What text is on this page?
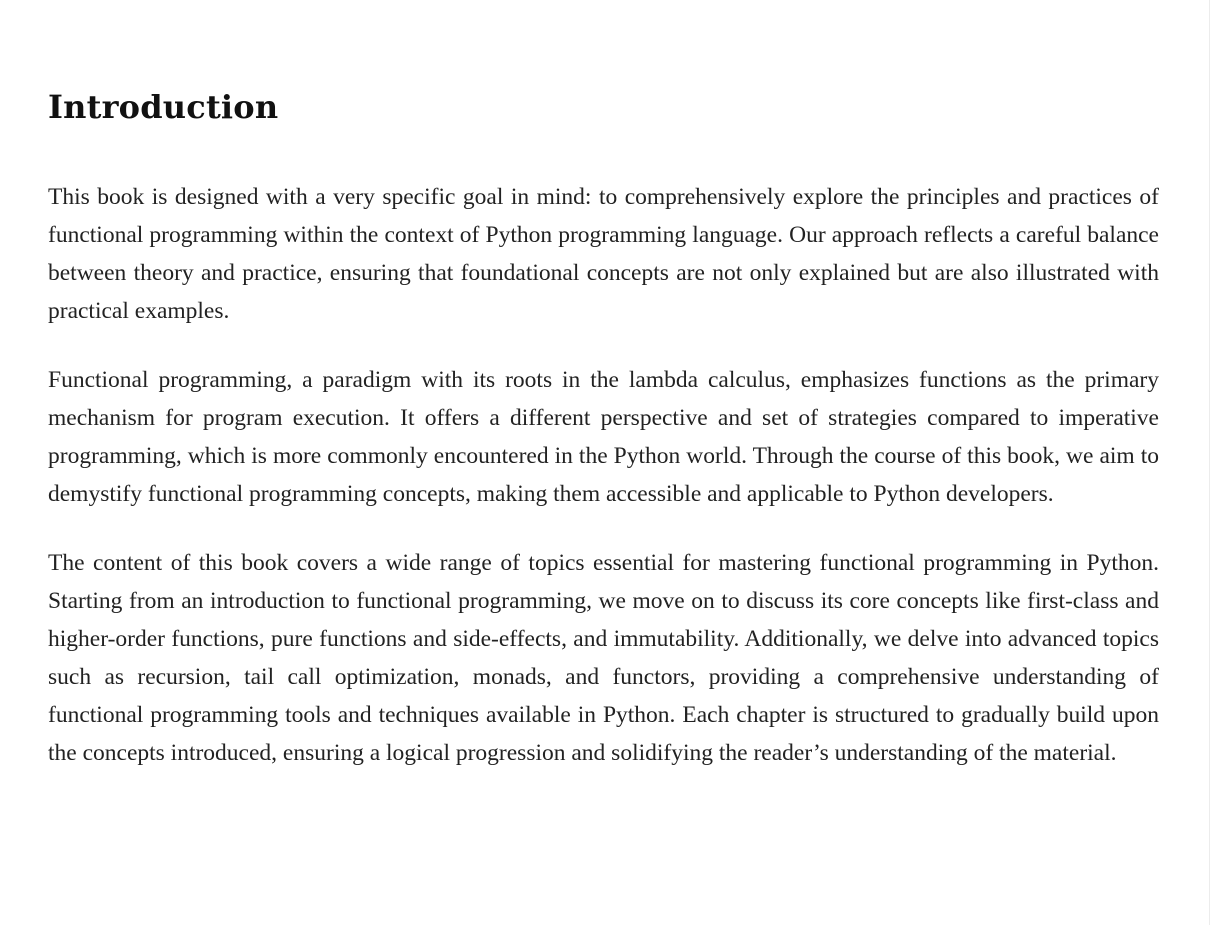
Introduction

This book is designed with a very specific goal in mind: to comprehensively explore the principles and practices of functional programming within the context of Python programming language. Our approach reflects a careful balance between theory and practice, ensuring that foundational concepts are not only explained but are also illustrated with practical examples.

Functional programming, a paradigm with its roots in the lambda calculus, emphasizes functions as the primary mechanism for program execution. It offers a different perspective and set of strategies compared to imperative programming, which is more commonly encountered in the Python world. Through the course of this book, we aim to demystify functional programming concepts, making them accessible and applicable to Python developers.

The content of this book covers a wide range of topics essential for mastering functional programming in Python. Starting from an introduction to functional programming, we move on to discuss its core concepts like first-class and higher-order functions, pure functions and side-effects, and immutability. Additionally, we delve into advanced topics such as recursion, tail call optimization, monads, and functors, providing a comprehensive understanding of functional programming tools and techniques available in Python. Each chapter is structured to gradually build upon the concepts introduced, ensuring a logical progression and solidifying the reader’s understanding of the material.
